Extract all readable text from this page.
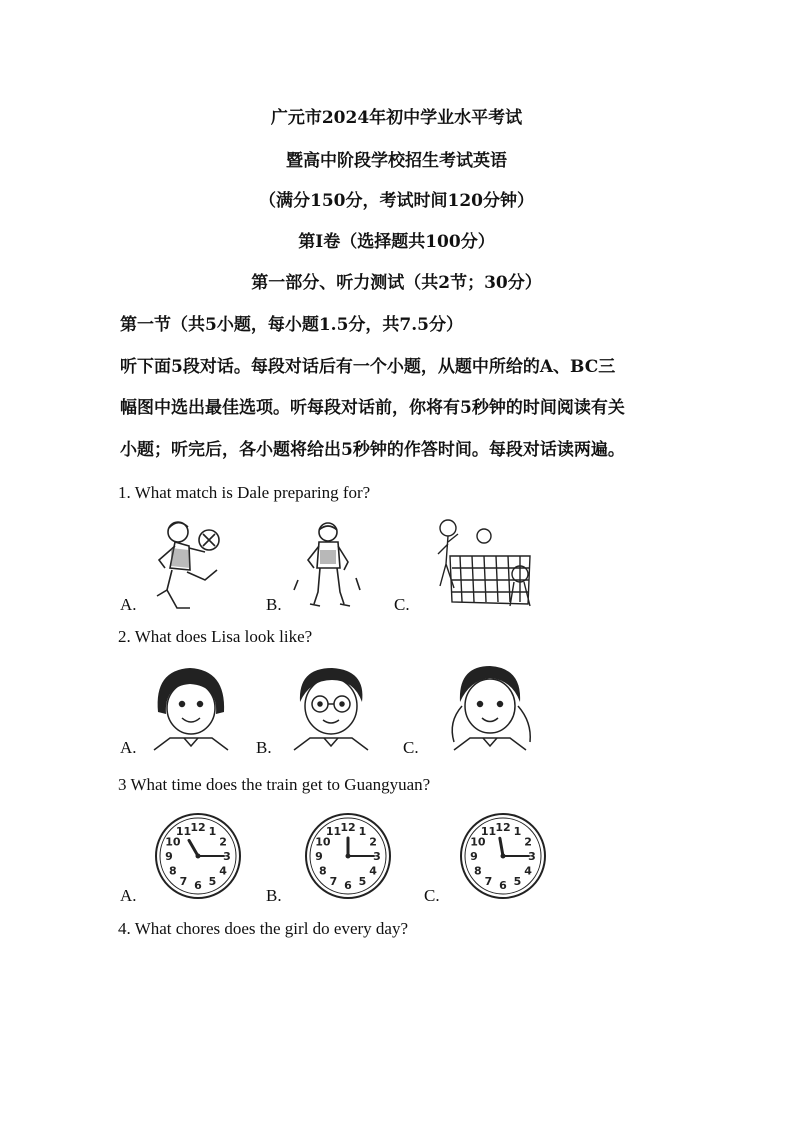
广元市2024年初中学业水平考试
暨高中阶段学校招生考试英语
（满分150分，考试时间120分钟）
第I卷（选择题共100分）
第一部分、听力测试（共2节；30分）
第一节（共5小题，每小题1.5分，共7.5分）
听下面5段对话。每段对话后有一个小题，从题中所给的A、BC三
幅图中选出最佳选项。听每段对话前，你将有5秒钟的时间阅读有关
小题；听完后，各小题将给出5秒钟的作答时间。每段对话读两遍。
1. What match is Dale preparing for?
A.	B.	C.
2. What does Lisa look like?
A.	B.	C.
3 What time does the train get to Guangyuan?
A.	B.	C.
12 1
2
3
4
5
6
7
8
9
10
11	12 1
2
3
4
5
6
7
8
9
10
11	12 1
2
3
4
5
6
7
8
9
10
11
4. What chores does the girl do every day?
